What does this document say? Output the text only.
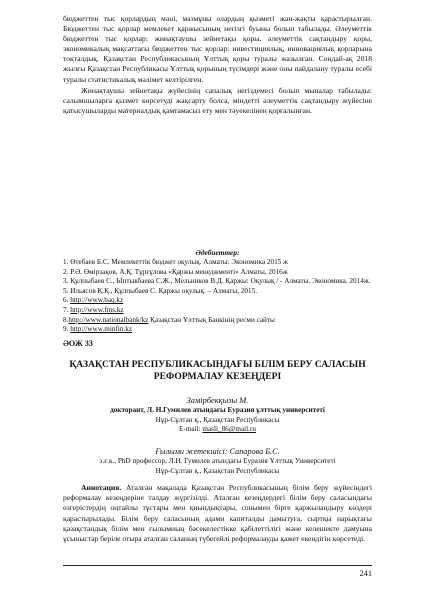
бюджеттен тыс қорлардың мәні, мазмұны олардың қызметі жан-жақты қарастырылған. Бюджеттен тыс қорлар мемлекет қаржысының негізгі буыны болып табылады. Әлеуметтік бюджеттен тыс қорлар: жинақтаушы зейнетақы қоры, әлеуметтік сақтандыру қоры, экономикалық мақсаттағы бюджеттен тыс қорлар: инвестициялық, инновациялық қорларына тоқталдық. Қазақстан Республикасының Ұлттық қоры туралы жазылған. Сондай-ақ 2018 жылғы Қазақстан Республикасы Ұлттық қорының түсімдері және оны пайдалану туралы есебі туралы статистикалық мәлімет келтірілген.

Жинақтаушы зейнетақы жүйесінің сапалық негіздемесі болып мыналар табылады: салымшыларға қызмет көрсетуді жақсарту болса, міндетті әлеуметтік сақтандыру жүйесіне қатысушыларды материалдық қамтамасыз ету мен тәуекелінен қорғалынған.

Әдебиеттер:

1. Өтебаев Б.С. Мемлекеттік бюджет оқулық. Алматы: Экономика 2015 ж
2. Р.Ә. Өмірзақов, А.Қ. Тұрғұлова «Қаржы менеджменті» Алматы, 2016ж
3. Құлпыбаев С., Ыптыкбаева С.Ж., Мельников В.Д. Қаржы: Оқулық / - Алматы. Экономика. 2014ж.
5. Ильясов Қ.Қ., Құлпыбаев С. Қаржы оқулық. – Алматы, 2015.
6. http://www.baq.kz
7. http://www.fms.kz
8.http://www.nationalbank/kz Қазақстан Ұлттық Банкінің ресми сайты
9. http://www.minfin.kz

ӘОЖ 33

ҚАЗАҚСТАН РЕСПУБЛИКАСЫНДАҒЫ БІЛІМ БЕРУ САЛАСЫН РЕФОРМАЛАУ КЕЗЕҢДЕРІ

Замірбекқызы М.

докторант, Л. Н.Гумилев атындағы Еуразия ұлттық университеті

Нұр-Сұлтан қ., Қазақстан Республикасы

E-mail: masli_86@mail.ru

Ғылыми жетекшісі: Сапарова Б.С.

э.ғ.к., PhD профессор, Л.Н. Гумилев атындағы Еуразия Ұлттық Университеті

Нұр-Сұлтан қ., Қазақстан Республикасы

Аннотация. Аталған мақалада Қазақстан Республикасының білім беру жүйесіндегі реформалау кезеңдеріне талдау жүргізілді. Аталған кезеңдердегі білім беру саласындағы өзгерістердің оңтайлы тұстары мен қиындықтары, сонымен бірге қаржыландыру көздері қарастырылады. Білім беру саласының адами капиталды дамытуға, сыртқы нарықтағы қазақстандық білім мен ғылымның бәсекелестікке қабілеттілігі және келешекте дамуына ұсыныстар беріле отыра аталған саланың түбегейлі реформалауды қажет екендігін көрсетеді.

241
